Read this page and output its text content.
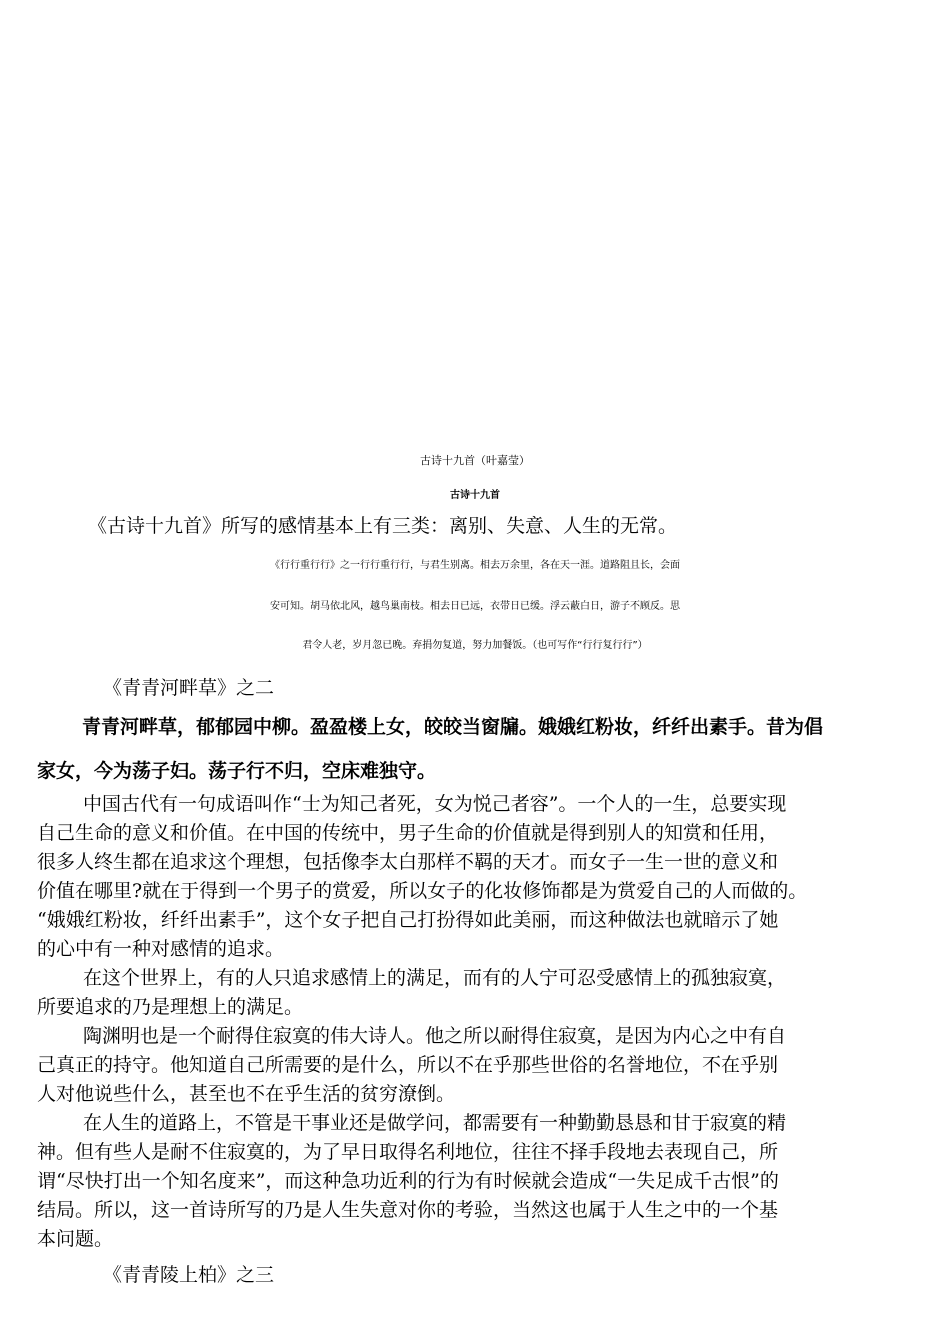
古诗十九首（叶嘉莹）
古诗十九首

《古诗十九首》所写的感情基本上有三类：离别、失意、人生的无常。

《行行重行行》之一行行重行行，与君生别离。相去万余里，各在天一涯。道路阻且长，会面

安可知。胡马依北风，越鸟巢南枝。相去日已远，衣带日已缓。浮云蔽白日，游子不顾反。思

君令人老，岁月忽已晚。弃捐勿复道，努力加餐饭。（也可写作“行行复行行”）

《青青河畔草》之二

青青河畔草，郁郁园中柳。盈盈楼上女，皎皎当窗牖。娥娥红粉妆，纤纤出素手。昔为倡

家女，今为荡子妇。荡子行不归，空床难独守。

中国古代有一句成语叫作“士为知己者死，女为悦己者容”。一个人的一生，总要实现
自己生命的意义和价值。在中国的传统中，男子生命的价值就是得到别人的知赏和任用，
很多人终生都在追求这个理想，包括像李太白那样不羁的天才。而女子一生一世的意义和
价值在哪里?就在于得到一个男子的赏爱，所以女子的化妆修饰都是为赏爱自己的人而做的。
“娥娥红粉妆，纤纤出素手”，这个女子把自己打扮得如此美丽，而这种做法也就暗示了她
的心中有一种对感情的追求。
在这个世界上，有的人只追求感情上的满足，而有的人宁可忍受感情上的孤独寂寞，
所要追求的乃是理想上的满足。
陶渊明也是一个耐得住寂寞的伟大诗人。他之所以耐得住寂寞，是因为内心之中有自
己真正的持守。他知道自己所需要的是什么，所以不在乎那些世俗的名誉地位，不在乎别
人对他说些什么，甚至也不在乎生活的贫穷潦倒。
在人生的道路上，不管是干事业还是做学问，都需要有一种勤勤恳恳和甘于寂寞的精
神。但有些人是耐不住寂寞的，为了早日取得名利地位，往往不择手段地去表现自己，所
谓“尽快打出一个知名度来”，而这种急功近利的行为有时候就会造成“一失足成千古恨”的
结局。所以，这一首诗所写的乃是人生失意对你的考验，当然这也属于人生之中的一个基
本问题。

《青青陵上柏》之三
